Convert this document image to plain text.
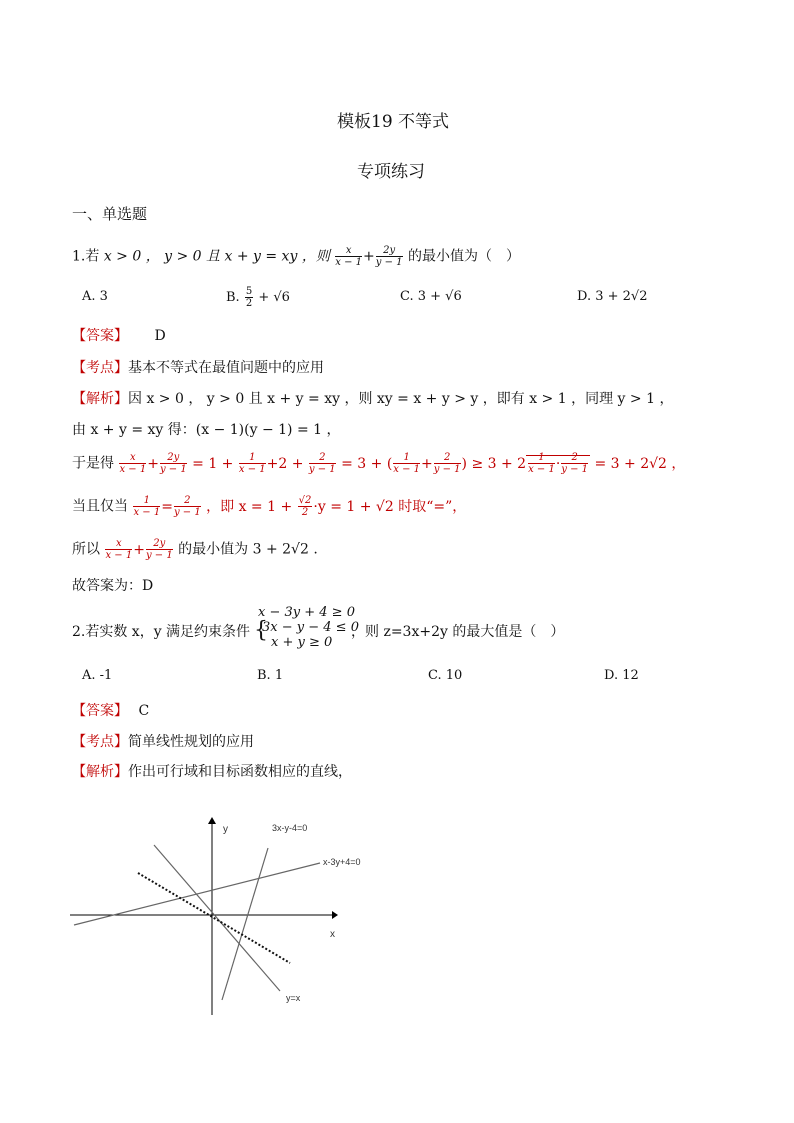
模板19 不等式
专项练习
一、单选题
1.若 x > 0 ， y > 0 且 x + y = xy ，则 $\frac{x}{x - 1} + \frac{2y}{y - 1}$ 的最小值为（　）
A. 3	B. $\frac{5}{2} + √6$	C. 3 + √6	D. 3 + 2√2
【答案】 D
【考点】基本不等式在最值问题中的应用
【解析】因 x > 0 ， y > 0 且 x + y = xy ，则 xy = x + y > y ，即有 x > 1 ，同理 y > 1 ，
由 x + y = xy 得：(x − 1)(y − 1) = 1 ，
于是得 $\frac{x}{x - 1} + \frac{2y}{y - 1} = 1 + \frac{1}{x - 1} +2 + \frac{2}{y - 1} = 3$ + ( $\frac{1}{x - 1} + \frac{2}{y - 1}$ ) ≥ $3 + 2 \frac{1}{x - 1} \cdot \frac{2}{y - 1} = 3 + 2√2$ ，
当且仅当 $\frac{1}{x - 1} = \frac{2}{y - 1}$ ，即 $x = 1 + \frac{√2}{2} \cdot y = 1 + √2$ 时取“=”，
所以 $\frac{x}{x - 1} + \frac{2y}{y - 1}$ 的最小值为 3 + 2√2 .
故答案为：D
2.若实数 x，y 满足约束条件 {
x − 3y + 4 ≥ 0
3x − y − 4 ≤ 0
x + y ≥ 0
，则 z=3x+2y 的最大值是（　）
A. -1	B. 1	C. 10	D. 12
【答案】 C
【考点】简单线性规划的应用
【解析】作出可行域和目标函数相应的直线，
y
x
3x-y-4=0
x-3y+4=0
y=x
